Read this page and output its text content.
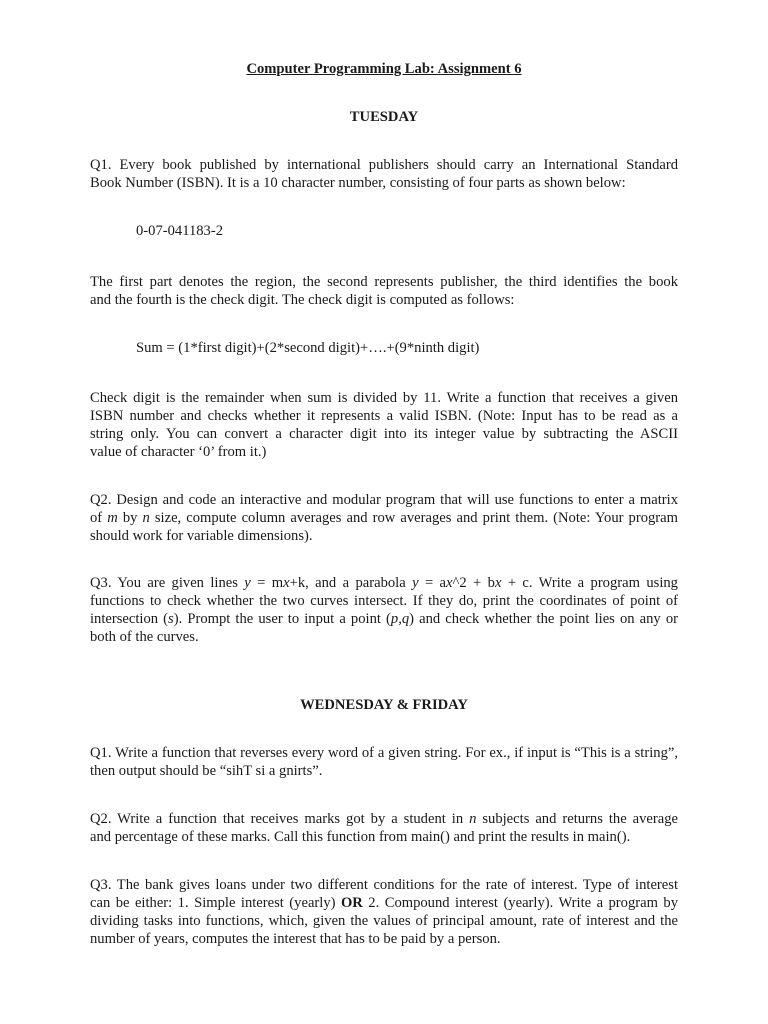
Computer Programming Lab: Assignment 6
TUESDAY
Q1. Every book published by international publishers should carry an International Standard
Book Number (ISBN). It is a 10 character number, consisting of four parts as shown below:
0-07-041183-2
The first part denotes the region, the second represents publisher, the third identifies the book
and the fourth is the check digit. The check digit is computed as follows:
Sum = (1*first digit)+(2*second digit)+….+(9*ninth digit)
Check digit is the remainder when sum is divided by 11. Write a function that receives a given
ISBN number and checks whether it represents a valid ISBN. (Note: Input has to be read as a
string only. You can convert a character digit into its integer value by subtracting the ASCII
value of character ‘0’ from it.)
Q2. Design and code an interactive and modular program that will use functions to enter a matrix
of m by n size, compute column averages and row averages and print them. (Note: Your program
should work for variable dimensions).
Q3. You are given lines y = mx+k, and a parabola y = ax^2 + bx + c. Write a program using
functions to check whether the two curves intersect. If they do, print the coordinates of point of
intersection (s). Prompt the user to input a point (p,q) and check whether the point lies on any or
both of the curves.
WEDNESDAY & FRIDAY
Q1. Write a function that reverses every word of a given string. For ex., if input is “This is a string”,
then output should be “sihT si a gnirts”.
Q2. Write a function that receives marks got by a student in n subjects and returns the average
and percentage of these marks. Call this function from main() and print the results in main().
Q3. The bank gives loans under two different conditions for the rate of interest. Type of interest
can be either: 1. Simple interest (yearly) OR 2. Compound interest (yearly). Write a program by
dividing tasks into functions, which, given the values of principal amount, rate of interest and the
number of years, computes the interest that has to be paid by a person.
